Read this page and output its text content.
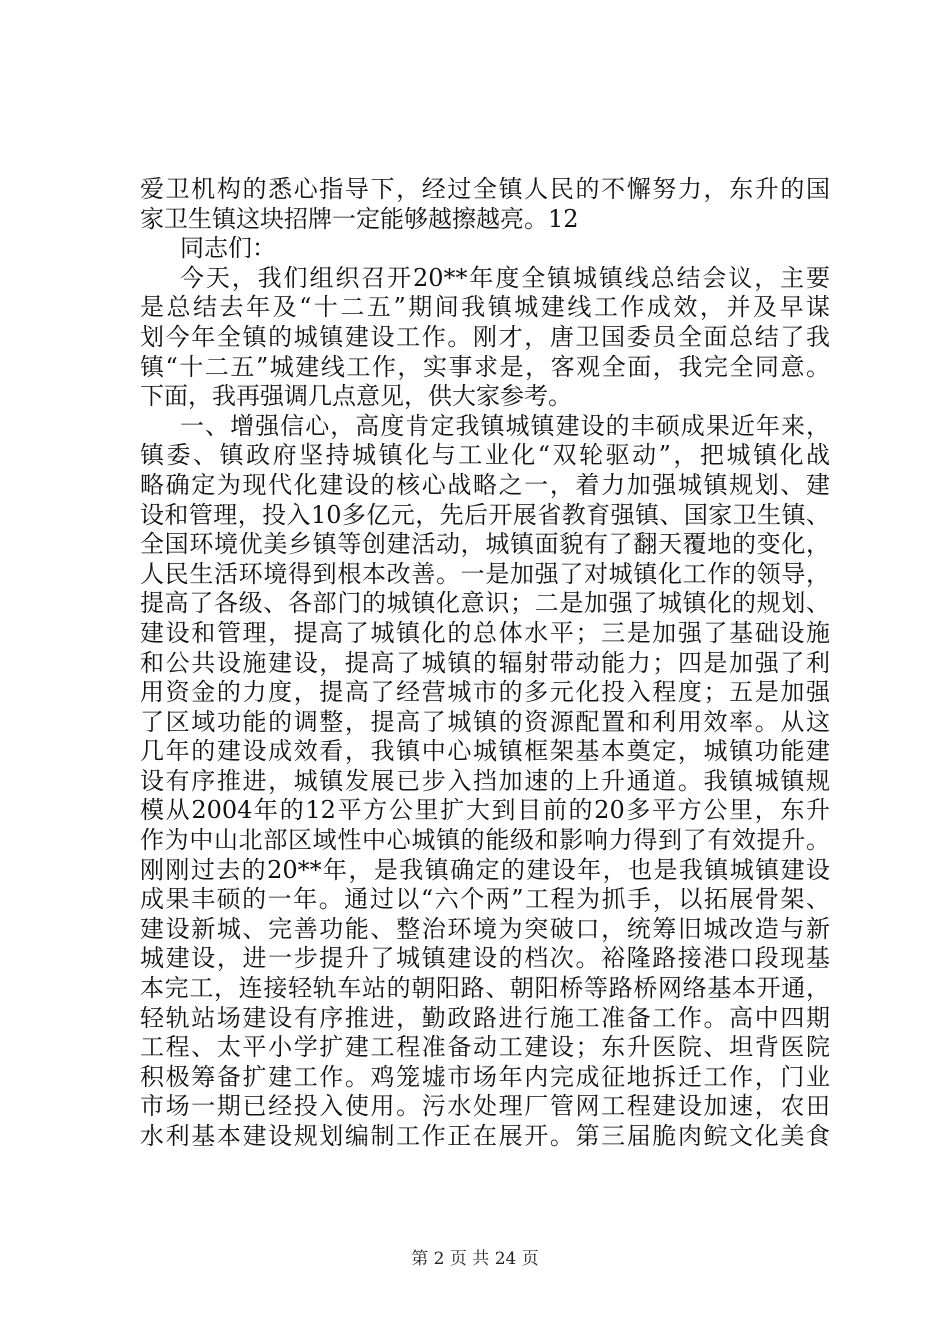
爱卫机构的悉心指导下，经过全镇人民的不懈努力，东升的国
家卫生镇这块招牌一定能够越擦越亮。12
同志们：
今天，我们组织召开20**年度全镇城镇线总结会议，主要
是总结去年及“十二五”期间我镇城建线工作成效，并及早谋
划今年全镇的城镇建设工作。刚才，唐卫国委员全面总结了我
镇“十二五”城建线工作，实事求是，客观全面，我完全同意。
下面，我再强调几点意见，供大家参考。
一、增强信心，高度肯定我镇城镇建设的丰硕成果近年来，
镇委、镇政府坚持城镇化与工业化“双轮驱动”，把城镇化战
略确定为现代化建设的核心战略之一，着力加强城镇规划、建
设和管理，投入10多亿元，先后开展省教育强镇、国家卫生镇、
全国环境优美乡镇等创建活动，城镇面貌有了翻天覆地的变化，
人民生活环境得到根本改善。一是加强了对城镇化工作的领导，
提高了各级、各部门的城镇化意识；二是加强了城镇化的规划、
建设和管理，提高了城镇化的总体水平；三是加强了基础设施
和公共设施建设，提高了城镇的辐射带动能力；四是加强了利
用资金的力度，提高了经营城市的多元化投入程度；五是加强
了区域功能的调整，提高了城镇的资源配置和利用效率。从这
几年的建设成效看，我镇中心城镇框架基本奠定，城镇功能建
设有序推进，城镇发展已步入挡加速的上升通道。我镇城镇规
模从2004年的12平方公里扩大到目前的20多平方公里，东升
作为中山北部区域性中心城镇的能级和影响力得到了有效提升。
刚刚过去的20**年，是我镇确定的建设年，也是我镇城镇建设
成果丰硕的一年。通过以“六个两”工程为抓手，以拓展骨架、
建设新城、完善功能、整治环境为突破口，统筹旧城改造与新
城建设，进一步提升了城镇建设的档次。裕隆路接港口段现基
本完工，连接轻轨车站的朝阳路、朝阳桥等路桥网络基本开通，
轻轨站场建设有序推进，勤政路进行施工准备工作。高中四期
工程、太平小学扩建工程准备动工建设；东升医院、坦背医院
积极筹备扩建工作。鸡笼墟市场年内完成征地拆迁工作，门业
市场一期已经投入使用。污水处理厂管网工程建设加速，农田
水利基本建设规划编制工作正在展开。第三届脆肉鲩文化美食
第 2 页 共 24 页
